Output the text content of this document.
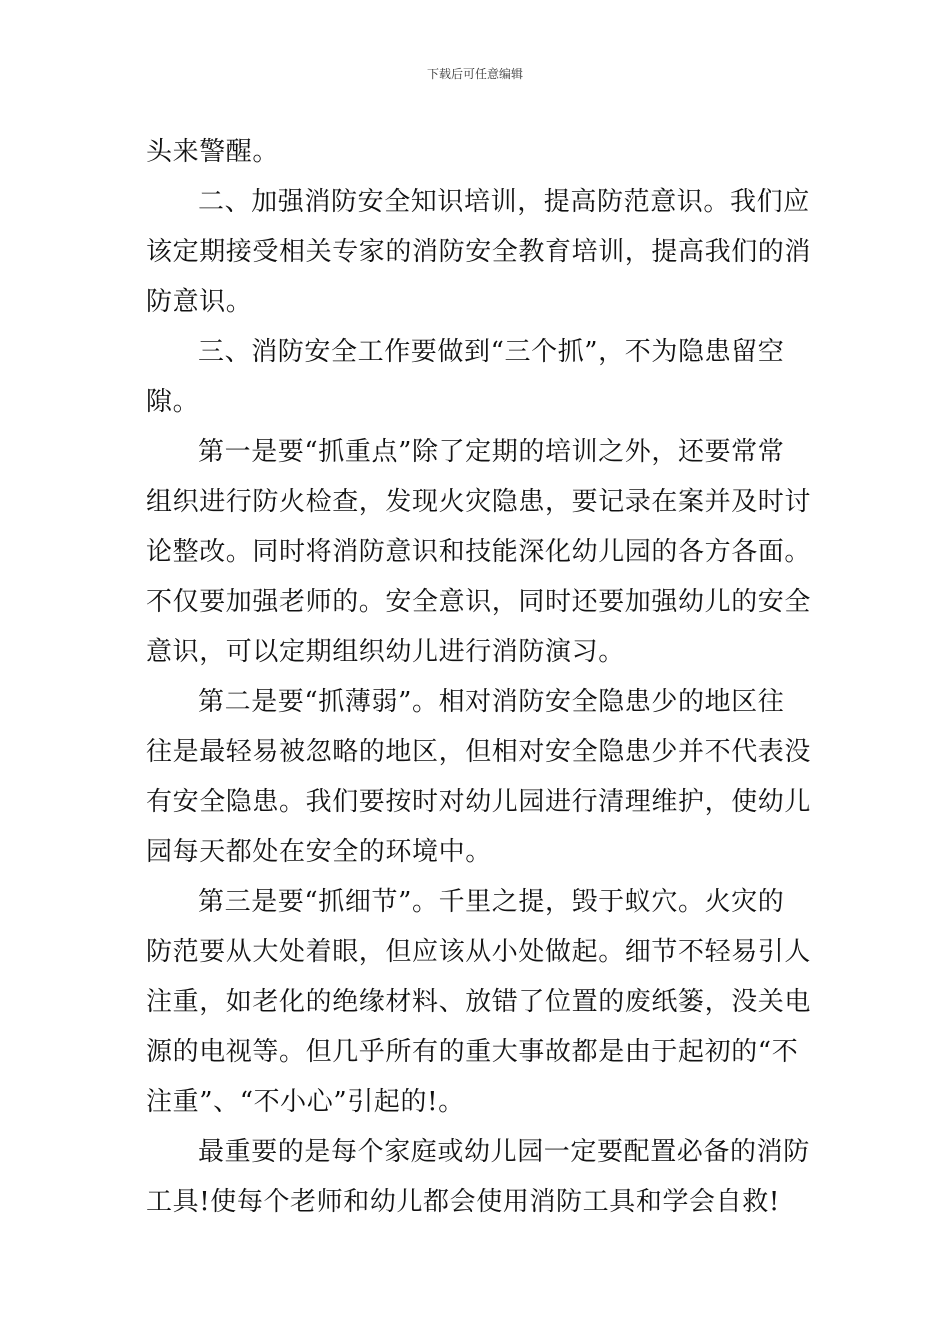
下载后可任意编辑
头来警醒。
二、加强消防安全知识培训，提高防范意识。我们应
该定期接受相关专家的消防安全教育培训，提高我们的消
防意识。
三、消防安全工作要做到“三个抓”，不为隐患留空
隙。
第一是要“抓重点”除了定期的培训之外，还要常常
组织进行防火检查，发现火灾隐患，要记录在案并及时讨
论整改。同时将消防意识和技能深化幼儿园的各方各面。
不仅要加强老师的。安全意识，同时还要加强幼儿的安全
意识，可以定期组织幼儿进行消防演习。
第二是要“抓薄弱”。相对消防安全隐患少的地区往
往是最轻易被忽略的地区，但相对安全隐患少并不代表没
有安全隐患。我们要按时对幼儿园进行清理维护，使幼儿
园每天都处在安全的环境中。
第三是要“抓细节”。千里之提，毁于蚁穴。火灾的
防范要从大处着眼，但应该从小处做起。细节不轻易引人
注重，如老化的绝缘材料、放错了位置的废纸篓，没关电
源的电视等。但几乎所有的重大事故都是由于起初的“不
注重”、“不小心”引起的!。
最重要的是每个家庭或幼儿园一定要配置必备的消防
工具!使每个老师和幼儿都会使用消防工具和学会自救!
